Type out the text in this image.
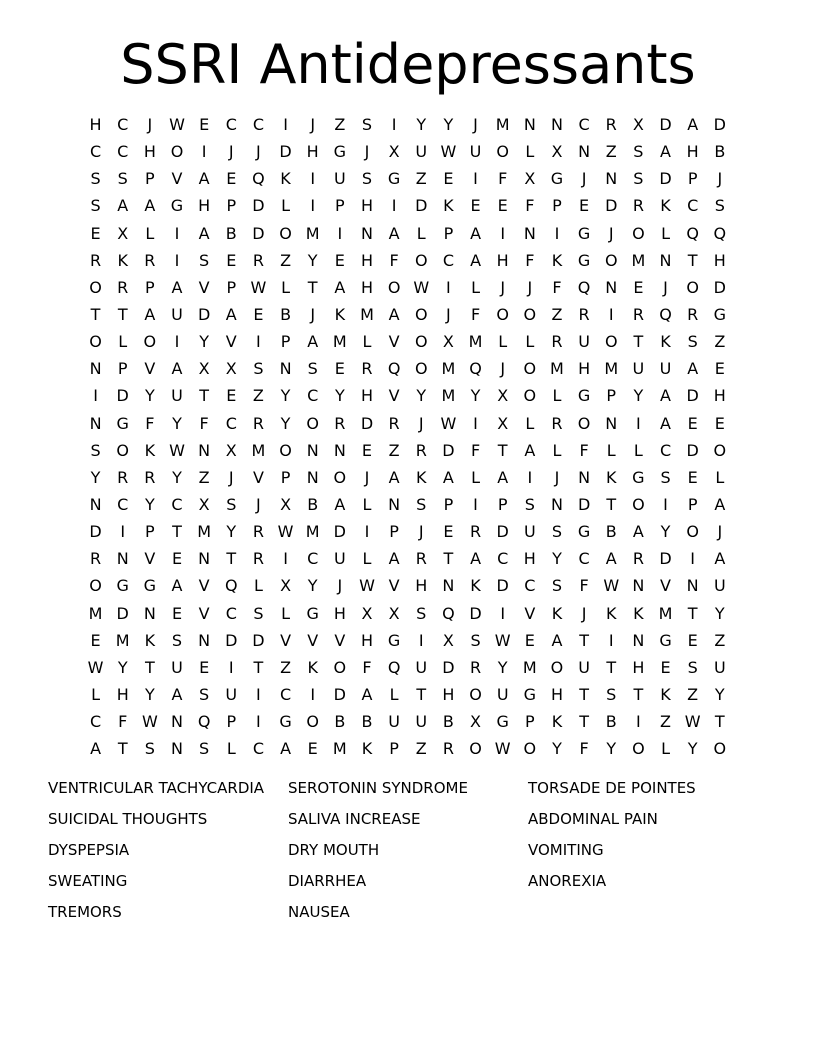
SSRI Antidepressants
H C	J	W E	C C	I	J	Z	S	I	Y	Y	J	M N N C R	X D A D
C C H O	I	J	J	D H G	J	X U W U O	L	X N Z	S	A H B
S	S	P	V	A	E Q K	I	U	S G Z	E	I	F	X G	J	N	S D	P	J
S	A	A G H	P	D	L	I	P	H	I	D K	E	E	F	P	E D R	K	C	S
E	X	L	I	A	B D O M	I	N A	L	P	A	I	N	I	G	J	O	L	Q Q
R	K	R	I	S	E	R	Z	Y	E	H	F	O C	A H	F	K G O M N	T	H
O R	P	A	V	P W L	T	A H O W	I	L	J	J	F	Q N	E	J	O D
T	T	A U D A	E	B	J	K M A O	J	F	O O Z	R	I	R Q R G
O	L	O	I	Y	V	I	P	A M L	V O X M L	L	R U O T	K	S	Z
N	P	V	A	X	X	S	N	S	E	R Q O M Q	J	O M H M U U A	E
I	D	Y	U	T	E	Z	Y	C	Y	H V	Y M Y	X O	L	G	P	Y	A D H
N G	F	Y	F	C R	Y O R D R	J	W	I	X	L	R O N	I	A	E	E
S O K W N X M O N N	E	Z	R D	F	T	A	L	F	L	L	C D O
Y	R	R	Y	Z	J	V	P	N O	J	A	K	A	L	A	I	J	N K G S	E	L
N C	Y	C	X	S	J	X	B	A	L	N	S	P	I	P	S	N D	T O	I	P	A
D	I	P	T M Y	R W M D	I	P	J	E	R D U	S G B	A	Y O	J
R N V	E	N	T	R	I	C U	L	A	R	T	A	C H	Y	C	A	R D	I	A
O G G A	V Q	L	X	Y	J	W V H N K D C	S	F W N V N U
M D N	E	V	C	S	L	G H X	X	S Q D	I	V	K	J	K	K M T	Y
E M K	S	N D D V	V	V H G	I	X	S W E	A	T	I	N G E	Z
W Y	T	U	E	I	T	Z	K O	F	Q U D R	Y M O U	T	H	E	S	U
L	H	Y	A	S	U	I	C	I	D A	L	T	H O U G H	T	S	T	K	Z	Y
C	F W N Q	P	I	G O B	B U U B	X G	P	K	T	B	I	Z W T
A	T	S	N	S	L	C	A	E M K	P	Z	R O W O Y	F	Y O	L	Y O
VENTRICULAR TACHYCARDIA	SEROTONIN SYNDROME	TORSADE DE POINTES
SUICIDAL THOUGHTS	SALIVA INCREASE	ABDOMINAL PAIN
DYSPEPSIA	DRY MOUTH	VOMITING
SWEATING	DIARRHEA	ANOREXIA
TREMORS	NAUSEA
